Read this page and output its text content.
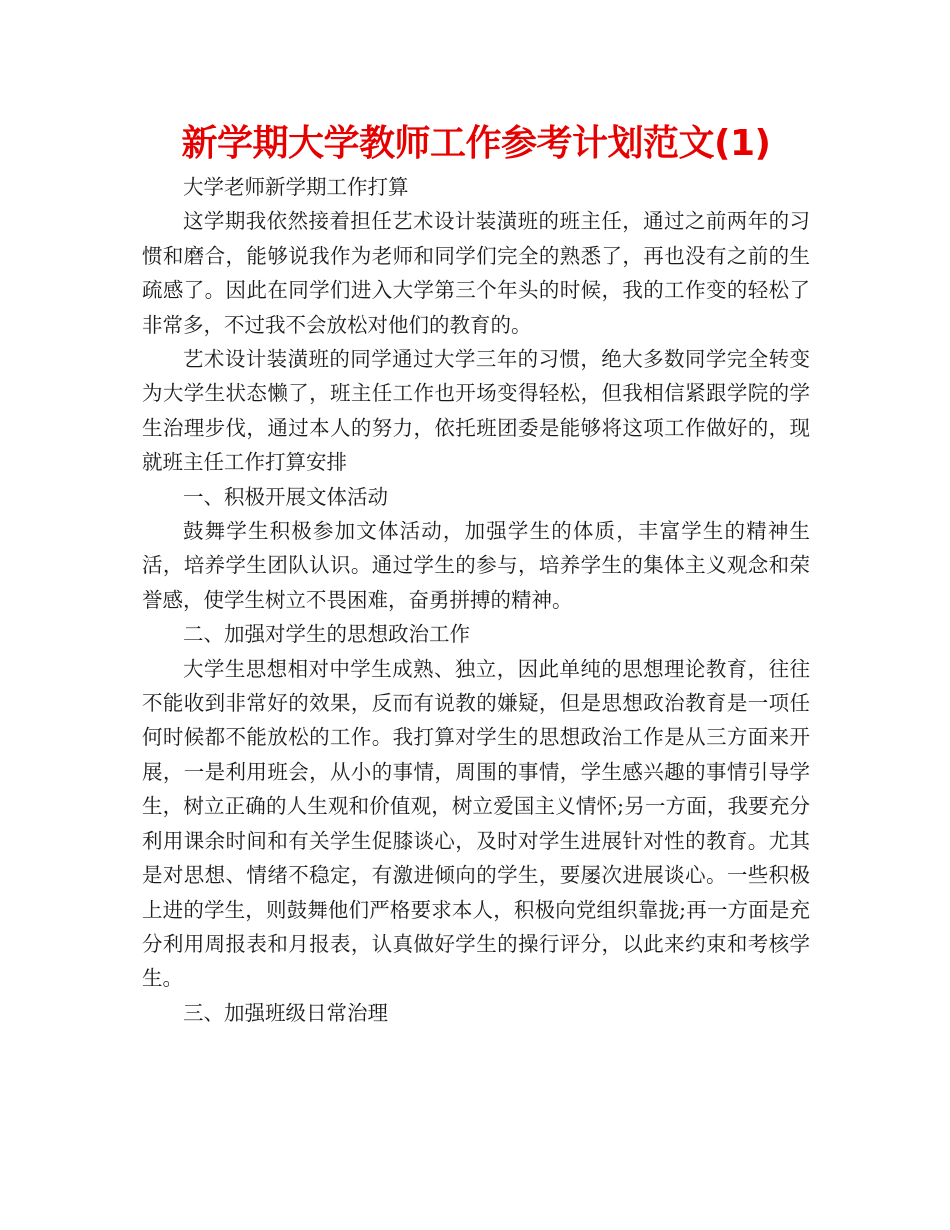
新学期大学教师工作参考计划范文(1)

大学老师新学期工作打算

这学期我依然接着担任艺术设计装潢班的班主任，通过之前两年的习惯和磨合，能够说我作为老师和同学们完全的熟悉了，再也没有之前的生疏感了。因此在同学们进入大学第三个年头的时候，我的工作变的轻松了非常多，不过我不会放松对他们的教育的。

艺术设计装潢班的同学通过大学三年的习惯，绝大多数同学完全转变为大学生状态懒了，班主任工作也开场变得轻松，但我相信紧跟学院的学生治理步伐，通过本人的努力，依托班团委是能够将这项工作做好的，现就班主任工作打算安排

一、积极开展文体活动

鼓舞学生积极参加文体活动，加强学生的体质，丰富学生的精神生活，培养学生团队认识。通过学生的参与，培养学生的集体主义观念和荣誉感，使学生树立不畏困难，奋勇拼搏的精神。

二、加强对学生的思想政治工作

大学生思想相对中学生成熟、独立，因此单纯的思想理论教育，往往不能收到非常好的效果，反而有说教的嫌疑，但是思想政治教育是一项任何时候都不能放松的工作。我打算对学生的思想政治工作是从三方面来开展，一是利用班会，从小的事情，周围的事情，学生感兴趣的事情引导学生，树立正确的人生观和价值观，树立爱国主义情怀;另一方面，我要充分利用课余时间和有关学生促膝谈心，及时对学生进展针对性的教育。尤其是对思想、情绪不稳定，有激进倾向的学生，要屡次进展谈心。一些积极上进的学生，则鼓舞他们严格要求本人，积极向党组织靠拢;再一方面是充分利用周报表和月报表，认真做好学生的操行评分，以此来约束和考核学生。

三、加强班级日常治理
